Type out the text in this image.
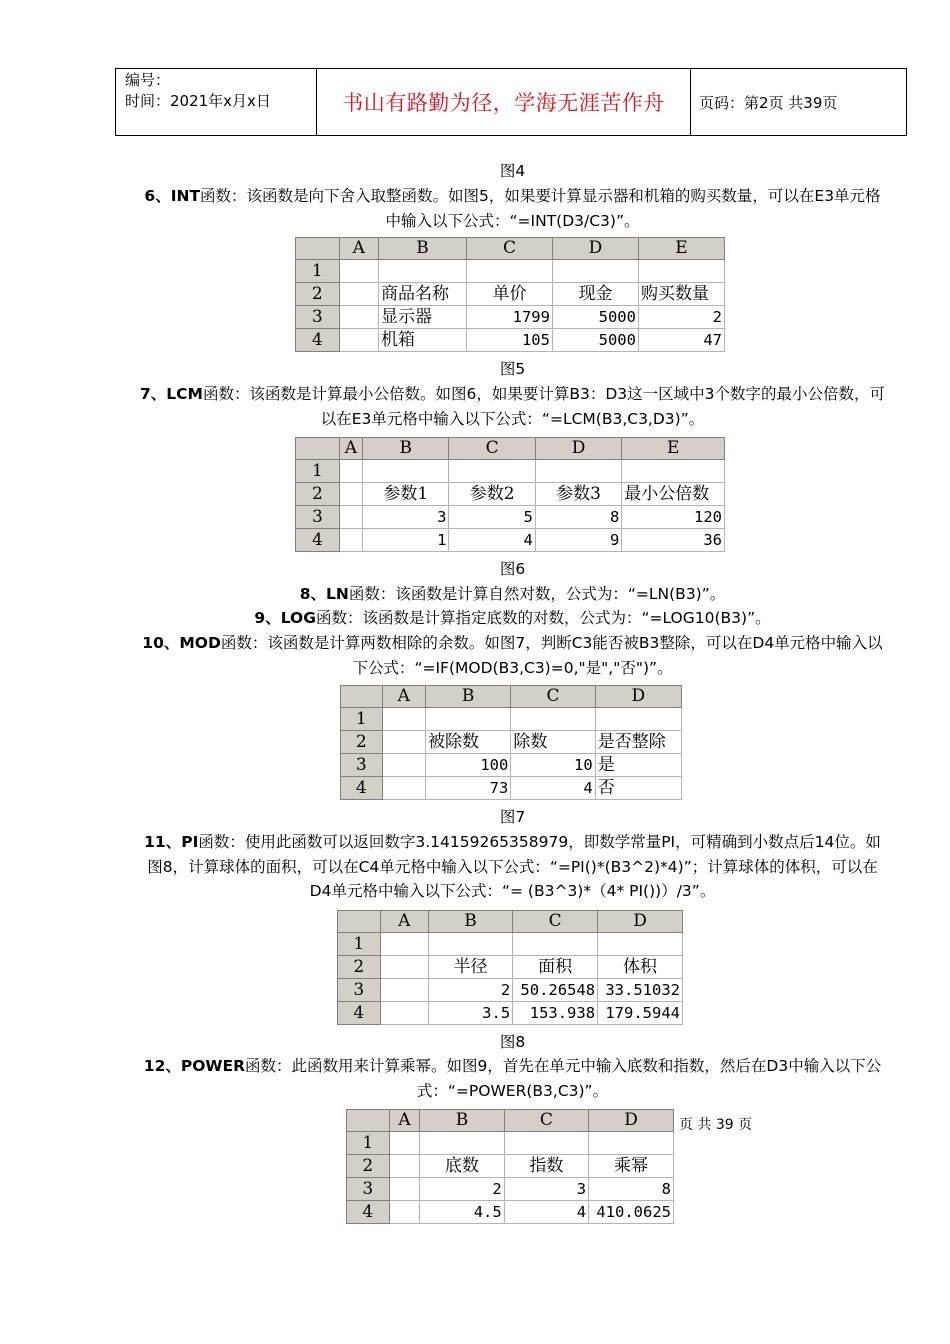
编号：
时间：2021年x月x日	书山有路勤为径，学海无涯苦作舟 页码：第2页 共39页
图4
6、INT函数：该函数是向下舍入取整函数。如图5，如果要计算显示器和机箱的购买数量，可以在E3单元格中输入以下公式：“=INT(D3/C3)”。
	A	B	C	D	E
1					
2		商品名称	单价	现金	购买数量
3		显示器	1799	5000	2
4		机箱	105	5000	47
图5
7、LCM函数：该函数是计算最小公倍数。如图6，如果要计算B3：D3这一区域中3个数字的最小公倍数，可以在E3单元格中输入以下公式：“=LCM(B3,C3,D3)”。
	A	B	C	D	E
1					
2		参数1	参数2	参数3	最小公倍数
3		3	5	8	120
4		1	4	9	36
图6
8、LN函数：该函数是计算自然对数，公式为：“=LN(B3)”。
9、LOG函数：该函数是计算指定底数的对数，公式为：“=LOG10(B3)”。
10、MOD函数：该函数是计算两数相除的余数。如图7，判断C3能否被B3整除，可以在D4单元格中输入以下公式：“=IF(MOD(B3,C3)=0,"是","否")”。
	A	B	C	D
1				
2		被除数	除数	是否整除
3		100	10	是
4		73	4	否
图7
11、PI函数：使用此函数可以返回数字3.14159265358979，即数学常量PI，可精确到小数点后14位。如图8，计算球体的面积，可以在C4单元格中输入以下公式：“=PI()*(B3^2)*4)”；计算球体的体积，可以在D4单元格中输入以下公式：“= (B3^3)*（4* PI())）/3”。
	A	B	C	D
1				
2		半径	面积	体积
3		2	50.26548	33.51032
4		3.5	153.938	179.5944
图8
12、POWER函数：此函数用来计算乘幂。如图9，首先在单元中输入底数和指数，然后在D3中输入以下公式：“=POWER(B3,C3)”。
	A	B	C	D
1				
2		底数	指数	乘幂
3		2	3	8
4		4.5	4	410.0625
页 共 39 页
